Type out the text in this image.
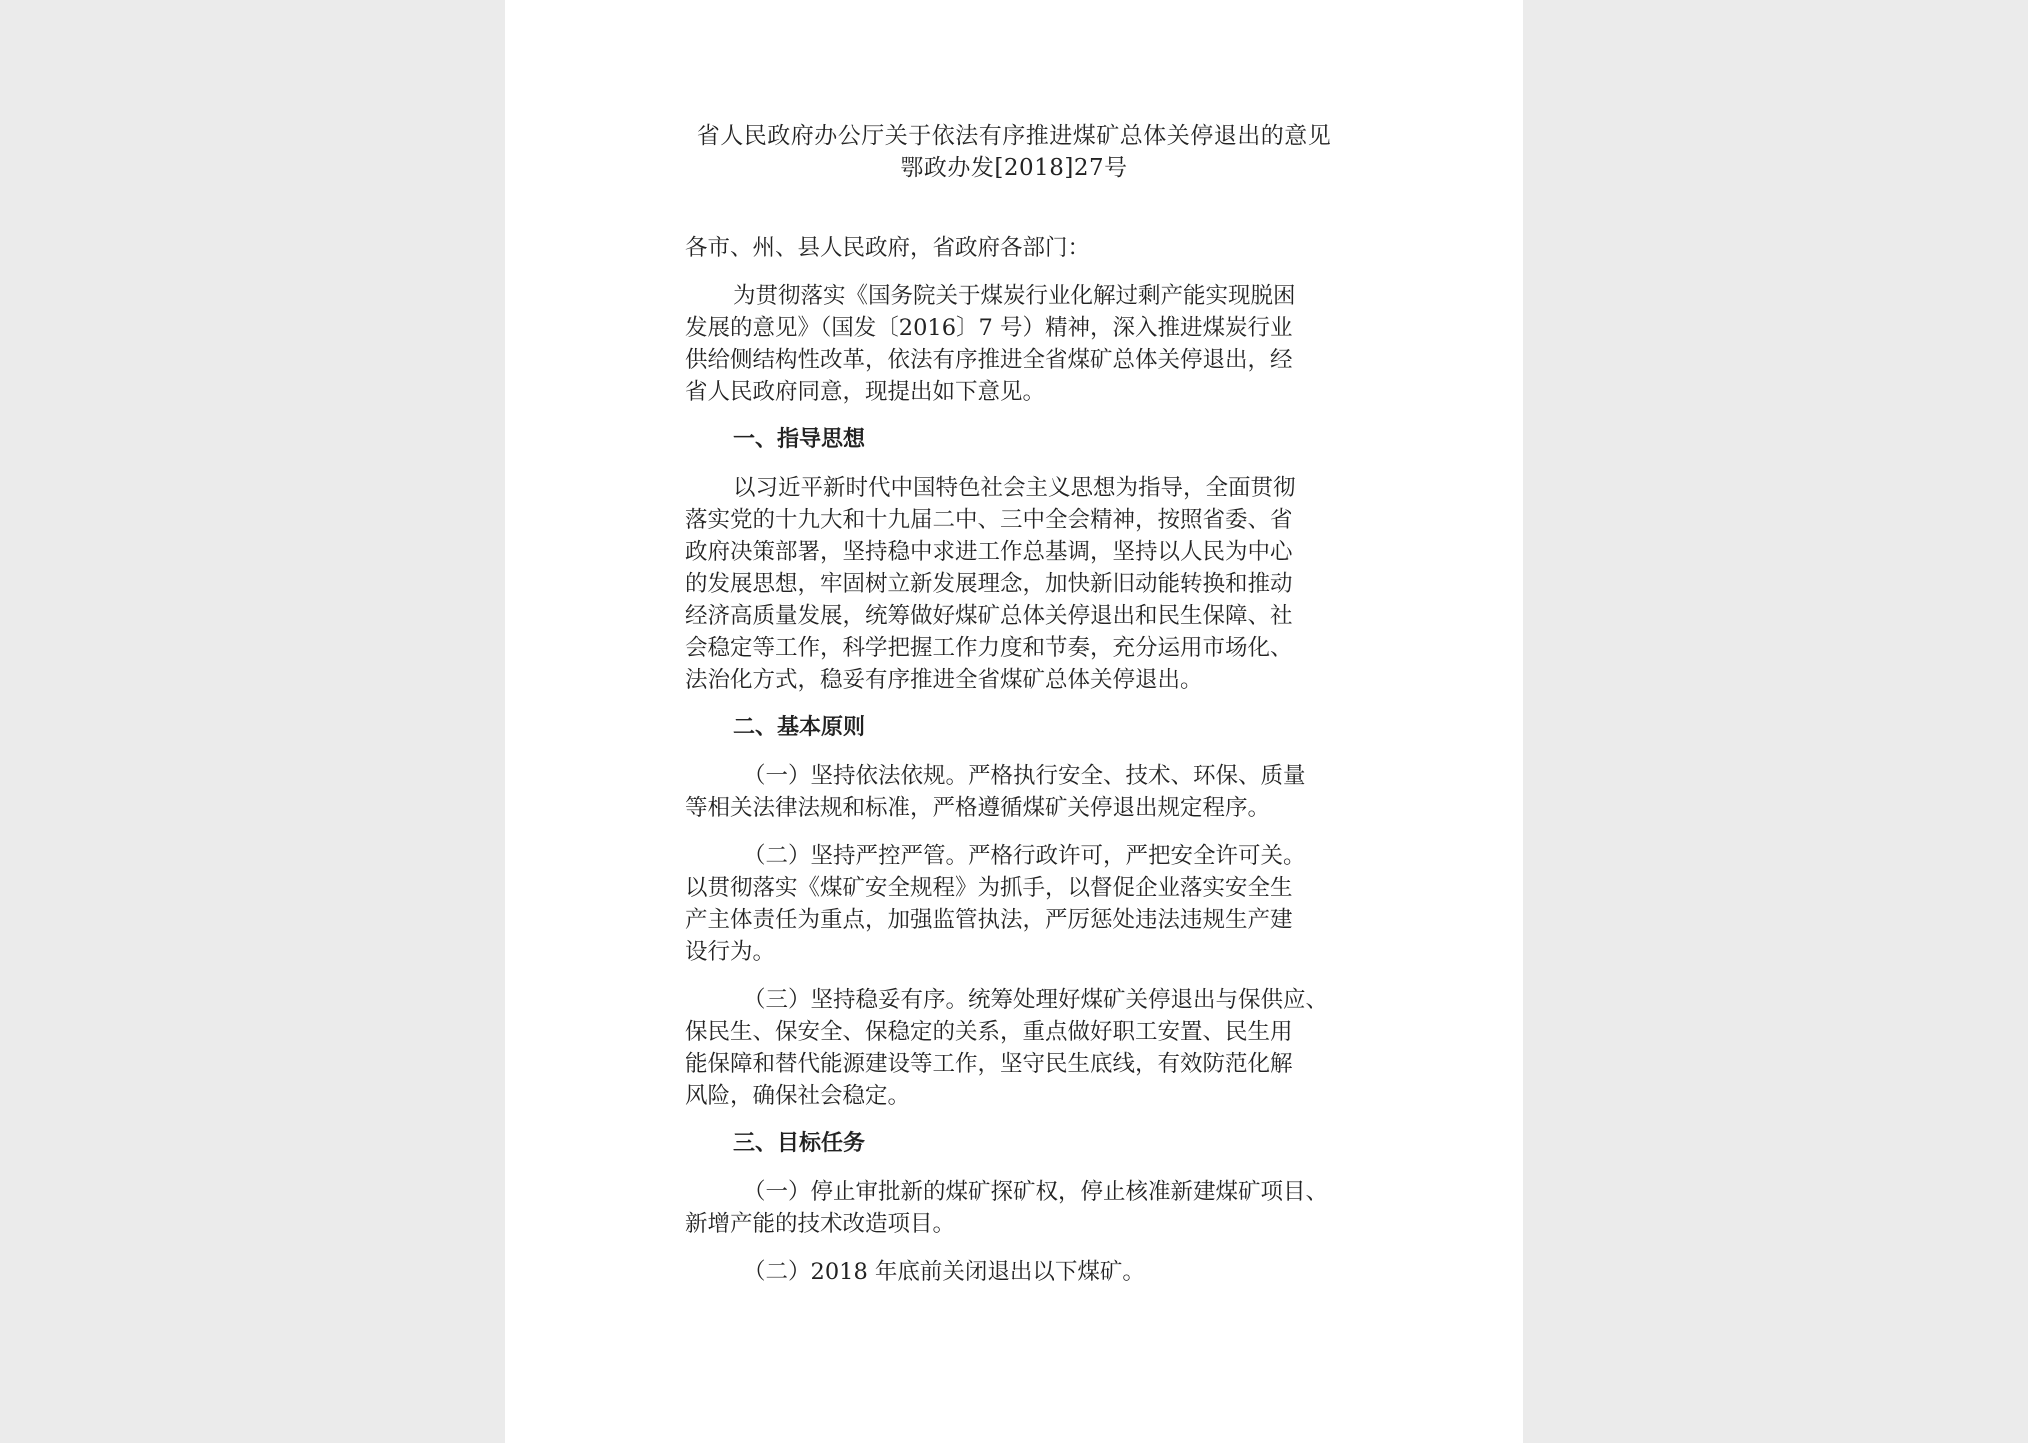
省人民政府办公厅关于依法有序推进煤矿总体关停退出的意见
鄂政办发[2018]27号
各市、州、县人民政府，省政府各部门：
为贯彻落实《国务院关于煤炭行业化解过剩产能实现脱困
发展的意见》（国发〔2016〕7 号）精神，深入推进煤炭行业
供给侧结构性改革，依法有序推进全省煤矿总体关停退出，经
省人民政府同意，现提出如下意见。
一、指导思想
以习近平新时代中国特色社会主义思想为指导，全面贯彻
落实党的十九大和十九届二中、三中全会精神，按照省委、省
政府决策部署，坚持稳中求进工作总基调，坚持以人民为中心
的发展思想，牢固树立新发展理念，加快新旧动能转换和推动
经济高质量发展，统筹做好煤矿总体关停退出和民生保障、社
会稳定等工作，科学把握工作力度和节奏，充分运用市场化、
法治化方式，稳妥有序推进全省煤矿总体关停退出。
二、基本原则
（一）坚持依法依规。严格执行安全、技术、环保、质量
等相关法律法规和标准，严格遵循煤矿关停退出规定程序。
（二）坚持严控严管。严格行政许可，严把安全许可关。
以贯彻落实《煤矿安全规程》为抓手，以督促企业落实安全生
产主体责任为重点，加强监管执法，严厉惩处违法违规生产建
设行为。
（三）坚持稳妥有序。统筹处理好煤矿关停退出与保供应、
保民生、保安全、保稳定的关系，重点做好职工安置、民生用
能保障和替代能源建设等工作，坚守民生底线，有效防范化解
风险，确保社会稳定。
三、目标任务
（一）停止审批新的煤矿探矿权，停止核准新建煤矿项目、
新增产能的技术改造项目。
（二）2018 年底前关闭退出以下煤矿。
